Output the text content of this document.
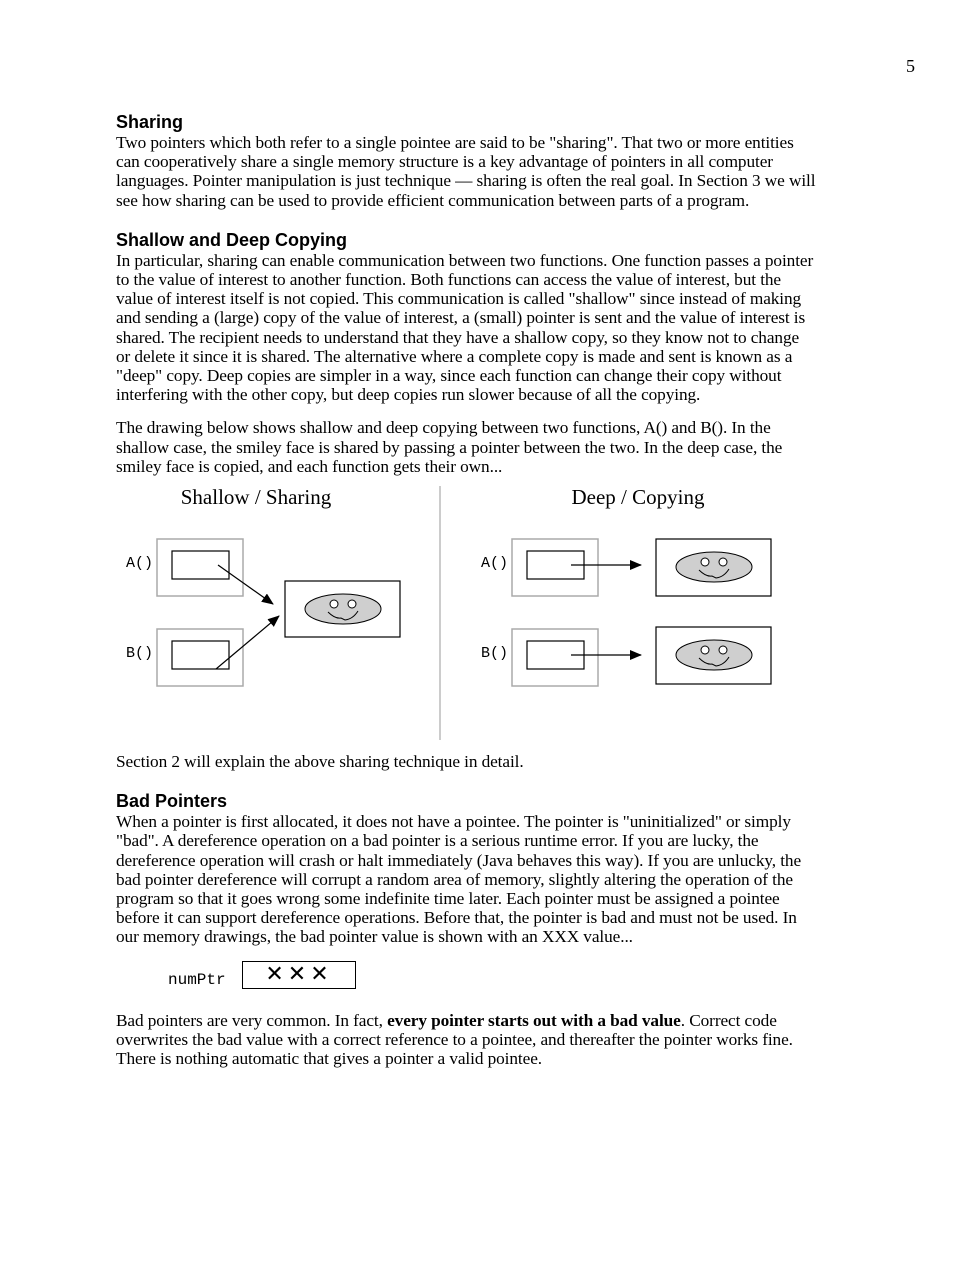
5
Sharing

Two pointers which both refer to a single pointee are said to be "sharing". That two or more entities can cooperatively share a single memory structure is a key advantage of pointers in all computer languages. Pointer manipulation is just technique — sharing is often the real goal. In Section 3 we will see how sharing can be used to provide efficient communication between parts of a program.

Shallow and Deep Copying

In particular, sharing can enable communication between two functions. One function passes a pointer to the value of interest to another function. Both functions can access the value of interest, but the value of interest itself is not copied. This communication is called "shallow" since instead of making and sending a (large) copy of the value of interest, a (small) pointer is sent and the value of interest is shared. The recipient needs to understand that they have a shallow copy, so they know not to change or delete it since it is shared. The alternative where a complete copy is made and sent is known as a "deep" copy. Deep copies are simpler in a way, since each function can change their copy without interfering with the other copy, but deep copies run slower because of all the copying.

The drawing below shows shallow and deep copying between two functions, A() and B(). In the shallow case, the smiley face is shared by passing a pointer between the two. In the deep case, the smiley face is copied, and each function gets their own...

Shallow / Sharing	Deep / Copying
A()
B()
A()
B()

Section 2 will explain the above sharing technique in detail.

Bad Pointers

When a pointer is first allocated, it does not have a pointee. The pointer is "uninitialized" or simply "bad". A dereference operation on a bad pointer is a serious runtime error. If you are lucky, the dereference operation will crash or halt immediately (Java behaves this way). If you are unlucky, the bad pointer dereference will corrupt a random area of memory, slightly altering the operation of the program so that it goes wrong some indefinite time later. Each pointer must be assigned a pointee before it can support dereference operations. Before that, the pointer is bad and must not be used. In our memory drawings, the bad pointer value is shown with an XXX value...

numPtr	✕✕✕

Bad pointers are very common. In fact, every pointer starts out with a bad value. Correct code overwrites the bad value with a correct reference to a pointee, and thereafter the pointer works fine. There is nothing automatic that gives a pointer a valid pointee.
